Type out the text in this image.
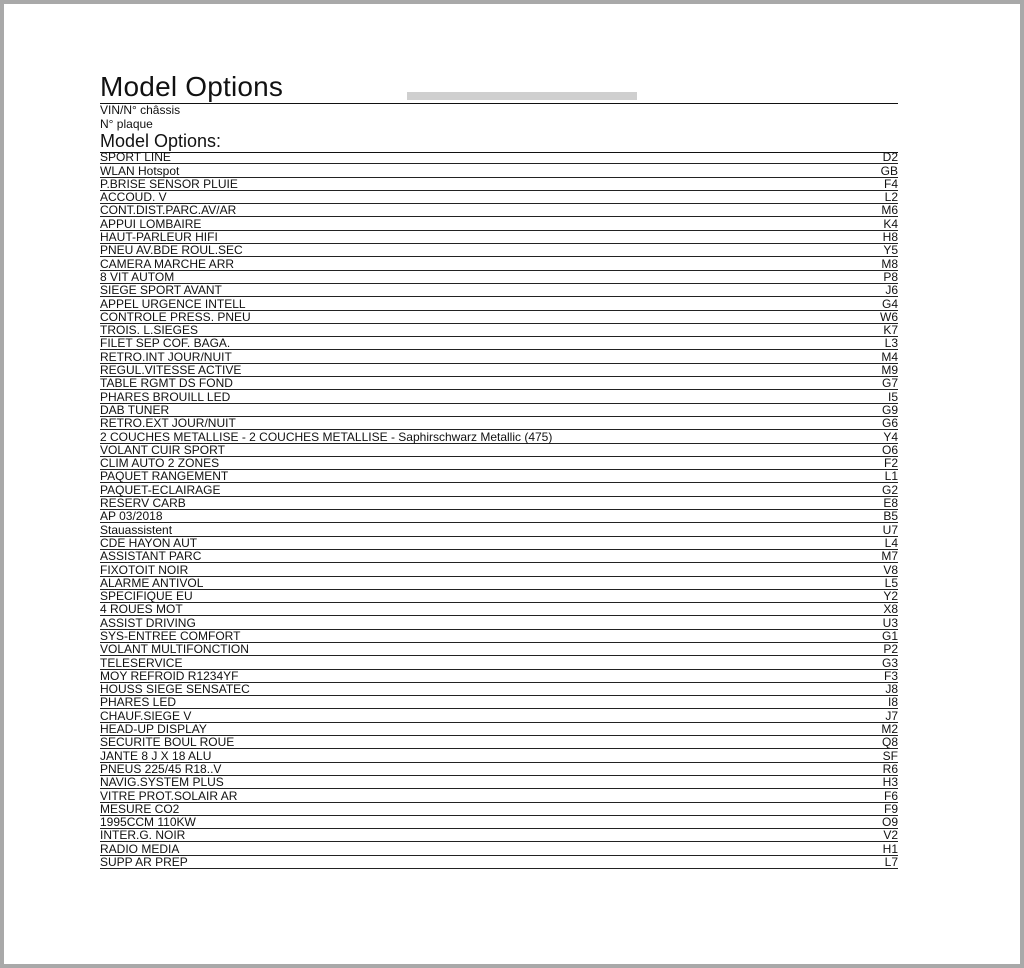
Model Options
VIN/N° châssis
N° plaque
Model Options:
SPORT LINE	D2
WLAN Hotspot	GB
P.BRISE SENSOR PLUIE	F4
ACCOUD. V	L2
CONT.DIST.PARC.AV/AR	M6
APPUI LOMBAIRE	K4
HAUT-PARLEUR HIFI	H8
PNEU AV.BDE ROUL.SEC	Y5
CAMERA MARCHE ARR	M8
8 VIT AUTOM	P8
SIEGE SPORT AVANT	J6
APPEL URGENCE INTELL	G4
CONTROLE PRESS. PNEU	W6
TROIS. L.SIEGES	K7
FILET SEP COF. BAGA.	L3
RETRO.INT JOUR/NUIT	M4
REGUL.VITESSE ACTIVE	M9
TABLE RGMT DS FOND	G7
PHARES BROUILL LED	I5
DAB TUNER	G9
RETRO.EXT JOUR/NUIT	G6
2 COUCHES METALLISE - 2 COUCHES METALLISE - Saphirschwarz Metallic (475)	Y4
VOLANT CUIR SPORT	O6
CLIM AUTO 2 ZONES	F2
PAQUET RANGEMENT	L1
PAQUET-ECLAIRAGE	G2
RESERV CARB	E8
AP 03/2018	B5
Stauassistent	U7
CDE HAYON AUT	L4
ASSISTANT PARC	M7
FIXOTOIT NOIR	V8
ALARME ANTIVOL	L5
SPECIFIQUE EU	Y2
4 ROUES MOT	X8
ASSIST DRIVING	U3
SYS-ENTREE COMFORT	G1
VOLANT MULTIFONCTION	P2
TELESERVICE	G3
MOY REFROID R1234YF	F3
HOUSS SIEGE SENSATEC	J8
PHARES LED	I8
CHAUF.SIEGE V	J7
HEAD-UP DISPLAY	M2
SECURITE BOUL ROUE	Q8
JANTE 8 J X 18 ALU	SF
PNEUS 225/45 R18..V	R6
NAVIG.SYSTEM PLUS	H3
VITRE PROT.SOLAIR AR	F6
MESURE CO2	F9
1995CCM 110KW	O9
INTER.G. NOIR	V2
RADIO MEDIA	H1
SUPP AR PREP	L7
